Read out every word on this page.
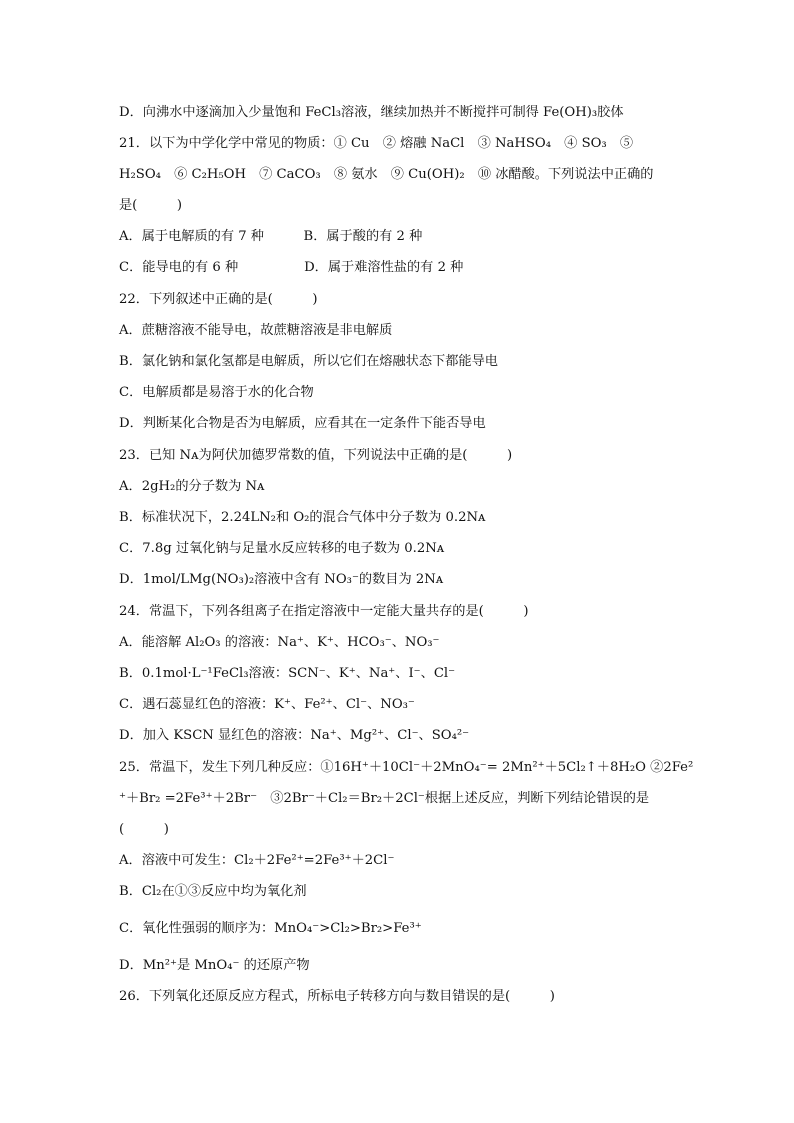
D．向沸水中逐滴加入少量饱和 FeCl₃溶液，继续加热并不断搅拌可制得 Fe(OH)₃胶体
21．以下为中学化学中常见的物质：① Cu　② 熔融 NaCl　③ NaHSO₄　④ SO₃　⑤
H₂SO₄　⑥ C₂H₅OH　⑦ CaCO₃　⑧ 氨水　⑨ Cu(OH)₂　⑩ 冰醋酸。下列说法中正确的
是(　　　)
A．属于电解质的有 7 种　　　B．属于酸的有 2 种
C．能导电的有 6 种　　　　　D．属于难溶性盐的有 2 种
22．下列叙述中正确的是(　　　)
A．蔗糖溶液不能导电，故蔗糖溶液是非电解质
B．氯化钠和氯化氢都是电解质，所以它们在熔融状态下都能导电
C．电解质都是易溶于水的化合物
D．判断某化合物是否为电解质，应看其在一定条件下能否导电
23．已知 Nᴀ为阿伏加德罗常数的值，下列说法中正确的是(　　　)
A．2gH₂的分子数为 Nᴀ
B．标准状况下，2.24LN₂和 O₂的混合气体中分子数为 0.2Nᴀ
C．7.8g 过氧化钠与足量水反应转移的电子数为 0.2Nᴀ
D．1mol/LMg(NO₃)₂溶液中含有 NO₃⁻的数目为 2Nᴀ
24．常温下，下列各组离子在指定溶液中一定能大量共存的是(　　　)
A．能溶解 Al₂O₃ 的溶液：Na⁺、K⁺、HCO₃⁻、NO₃⁻
B．0.1mol·L⁻¹FeCl₃溶液：SCN⁻、K⁺、Na⁺、I⁻、Cl⁻
C．遇石蕊显红色的溶液：K⁺、Fe²⁺、Cl⁻、NO₃⁻
D．加入 KSCN 显红色的溶液：Na⁺、Mg²⁺、Cl⁻、SO₄²⁻
25．常温下，发生下列几种反应：①16H⁺＋10Cl⁻＋2MnO₄⁻= 2Mn²⁺＋5Cl₂↑＋8H₂O ②2Fe²
⁺＋Br₂ =2Fe³⁺＋2Br⁻　③2Br⁻＋Cl₂＝Br₂＋2Cl⁻根据上述反应，判断下列结论错误的是
(　　　)
A．溶液中可发生：Cl₂＋2Fe²⁺=2Fe³⁺＋2Cl⁻
B．Cl₂在①③反应中均为氧化剂
C．氧化性强弱的顺序为：MnO₄⁻>Cl₂>Br₂>Fe³⁺
D．Mn²⁺是 MnO₄⁻ 的还原产物
26．下列氧化还原反应方程式，所标电子转移方向与数目错误的是(　　　)
